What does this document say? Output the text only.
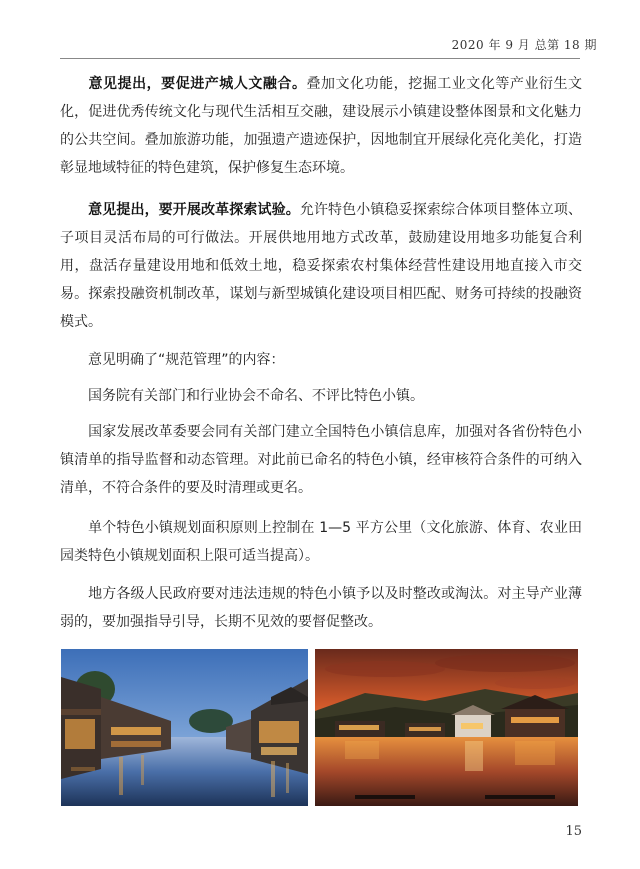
2020 年 9 月 总第 18 期

意见提出，要促进产城人文融合。叠加文化功能，挖掘工业文化等产业衍生文化，促进优秀传统文化与现代生活相互交融，建设展示小镇建设整体图景和文化魅力的公共空间。叠加旅游功能，加强遗产遗迹保护，因地制宜开展绿化亮化美化，打造彰显地域特征的特色建筑，保护修复生态环境。

意见提出，要开展改革探索试验。允许特色小镇稳妥探索综合体项目整体立项、子项目灵活布局的可行做法。开展供地用地方式改革，鼓励建设用地多功能复合利用，盘活存量建设用地和低效土地，稳妥探索农村集体经营性建设用地直接入市交易。探索投融资机制改革，谋划与新型城镇化建设项目相匹配、财务可持续的投融资模式。

意见明确了“规范管理”的内容：

国务院有关部门和行业协会不命名、不评比特色小镇。

国家发展改革委要会同有关部门建立全国特色小镇信息库，加强对各省份特色小镇清单的指导监督和动态管理。对此前已命名的特色小镇，经审核符合条件的可纳入清单，不符合条件的要及时清理或更名。

单个特色小镇规划面积原则上控制在 1—5 平方公里（文化旅游、体育、农业田园类特色小镇规划面积上限可适当提高）。

地方各级人民政府要对违法违规的特色小镇予以及时整改或淘汰。对主导产业薄弱的，要加强指导引导，长期不见效的要督促整改。

15
